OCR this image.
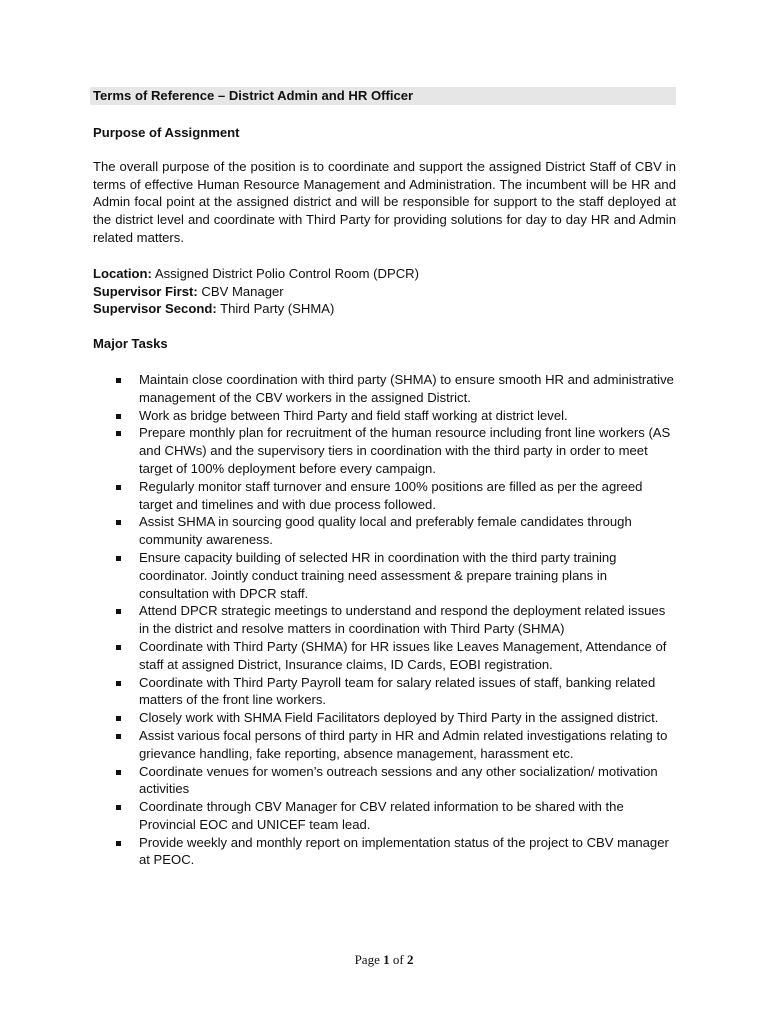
Terms of Reference – District Admin and HR Officer
Purpose of Assignment
The overall purpose of the position is to coordinate and support the assigned District Staff of CBV in terms of effective Human Resource Management and Administration. The incumbent will be HR and Admin focal point at the assigned district and will be responsible for support to the staff deployed at the district level and coordinate with Third Party for providing solutions for day to day HR and Admin related matters.
Location: Assigned District Polio Control Room (DPCR)
Supervisor First: CBV Manager
Supervisor Second: Third Party (SHMA)
Major Tasks
Maintain close coordination with third party (SHMA) to ensure smooth HR and administrative management of the CBV workers in the assigned District.
Work as bridge between Third Party and field staff working at district level.
Prepare monthly plan for recruitment of the human resource including front line workers (AS and CHWs) and the supervisory tiers in coordination with the third party in order to meet target of 100% deployment before every campaign.
Regularly monitor staff turnover and ensure 100% positions are filled as per the agreed target and timelines and with due process followed.
Assist SHMA in sourcing good quality local and preferably female candidates through community awareness.
Ensure capacity building of selected HR in coordination with the third party training coordinator. Jointly conduct training need assessment & prepare training plans in consultation with DPCR staff.
Attend DPCR strategic meetings to understand and respond the deployment related issues in the district and resolve matters in coordination with Third Party (SHMA)
Coordinate with Third Party (SHMA) for HR issues like Leaves Management, Attendance of staff at assigned District, Insurance claims, ID Cards, EOBI registration.
Coordinate with Third Party Payroll team for salary related issues of staff, banking related matters of the front line workers.
Closely work with SHMA Field Facilitators deployed by Third Party in the assigned district.
Assist various focal persons of third party in HR and Admin related investigations relating to grievance handling, fake reporting, absence management, harassment etc.
Coordinate venues for women’s outreach sessions and any other socialization/ motivation activities
Coordinate through CBV Manager for CBV related information to be shared with the Provincial EOC and UNICEF team lead.
Provide weekly and monthly report on implementation status of the project to CBV manager at PEOC.
Page 1 of 2
